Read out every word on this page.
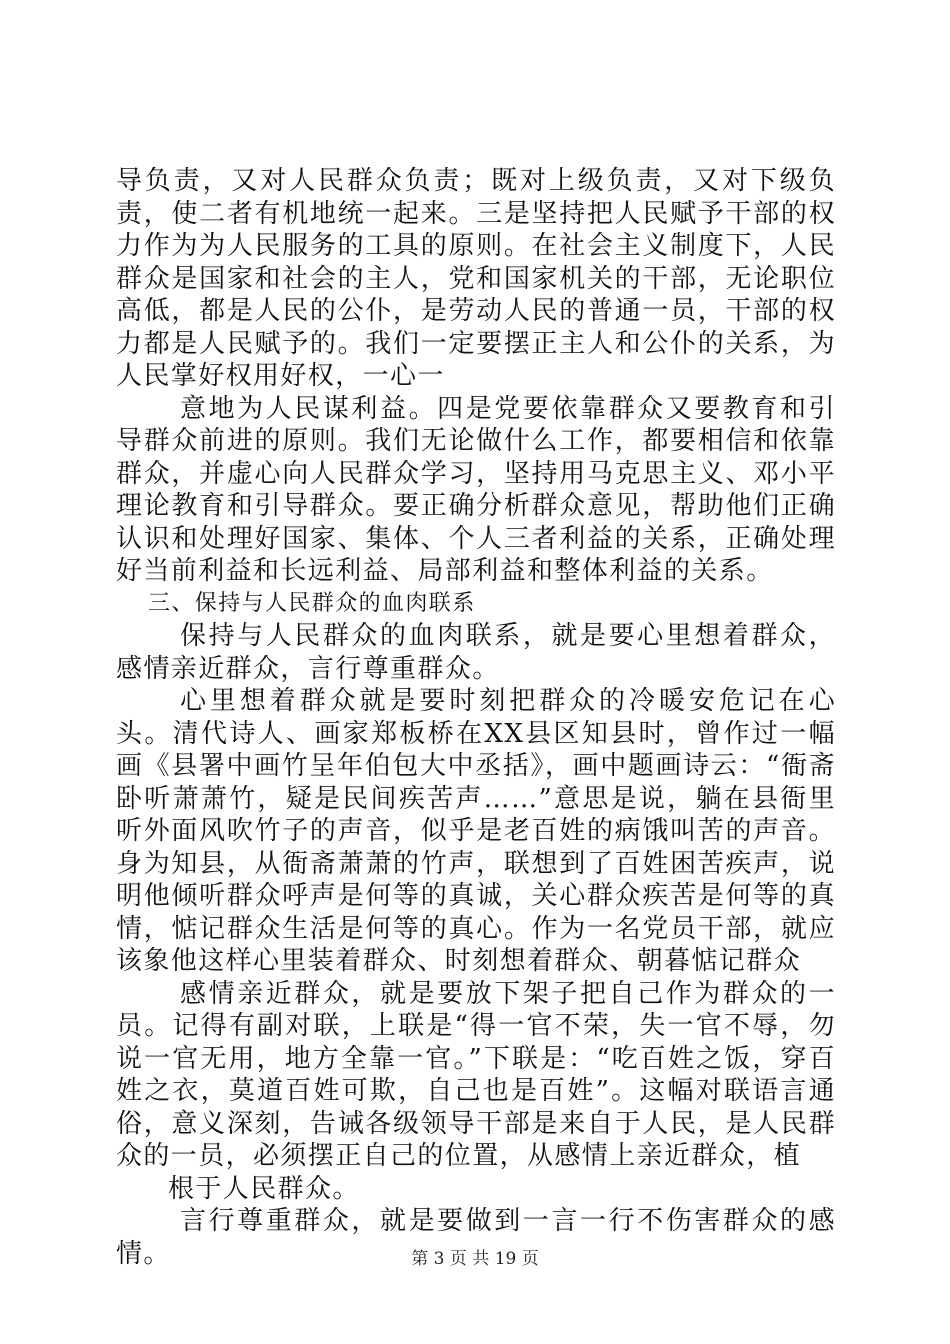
导负责，又对人民群众负责；既对上级负责，又对下级负责，使二者有机地统一起来。三是坚持把人民赋予干部的权力作为为人民服务的工具的原则。在社会主义制度下，人民群众是国家和社会的主人，党和国家机关的干部，无论职位高低，都是人民的公仆，是劳动人民的普通一员，干部的权力都是人民赋予的。我们一定要摆正主人和公仆的关系，为人民掌好权用好权，一心一

意地为人民谋利益。四是党要依靠群众又要教育和引导群众前进的原则。我们无论做什么工作，都要相信和依靠群众，并虚心向人民群众学习，坚持用马克思主义、邓小平理论教育和引导群众。要正确分析群众意见，帮助他们正确认识和处理好国家、集体、个人三者利益的关系，正确处理好当前利益和长远利益、局部利益和整体利益的关系。

三、保持与人民群众的血肉联系

保持与人民群众的血肉联系，就是要心里想着群众，感情亲近群众，言行尊重群众。

心里想着群众就是要时刻把群众的冷暖安危记在心头。清代诗人、画家郑板桥在XX县区知县时，曾作过一幅画《县署中画竹呈年伯包大中丞括》，画中题画诗云：“衙斋卧听萧萧竹，疑是民间疾苦声……”意思是说，躺在县衙里听外面风吹竹子的声音，似乎是老百姓的病饿叫苦的声音。身为知县，从衙斋萧萧的竹声，联想到了百姓困苦疾声，说明他倾听群众呼声是何等的真诚，关心群众疾苦是何等的真情，惦记群众生活是何等的真心。作为一名党员干部，就应该象他这样心里装着群众、时刻想着群众、朝暮惦记群众

感情亲近群众，就是要放下架子把自己作为群众的一员。记得有副对联，上联是“得一官不荣，失一官不辱，勿说一官无用，地方全靠一官。”下联是：“吃百姓之饭，穿百姓之衣，莫道百姓可欺，自己也是百姓”。这幅对联语言通俗，意义深刻，告诫各级领导干部是来自于人民，是人民群众的一员，必须摆正自己的位置，从感情上亲近群众，植

根于人民群众。

言行尊重群众，就是要做到一言一行不伤害群众的感情。	第 3 页 共 19 页
